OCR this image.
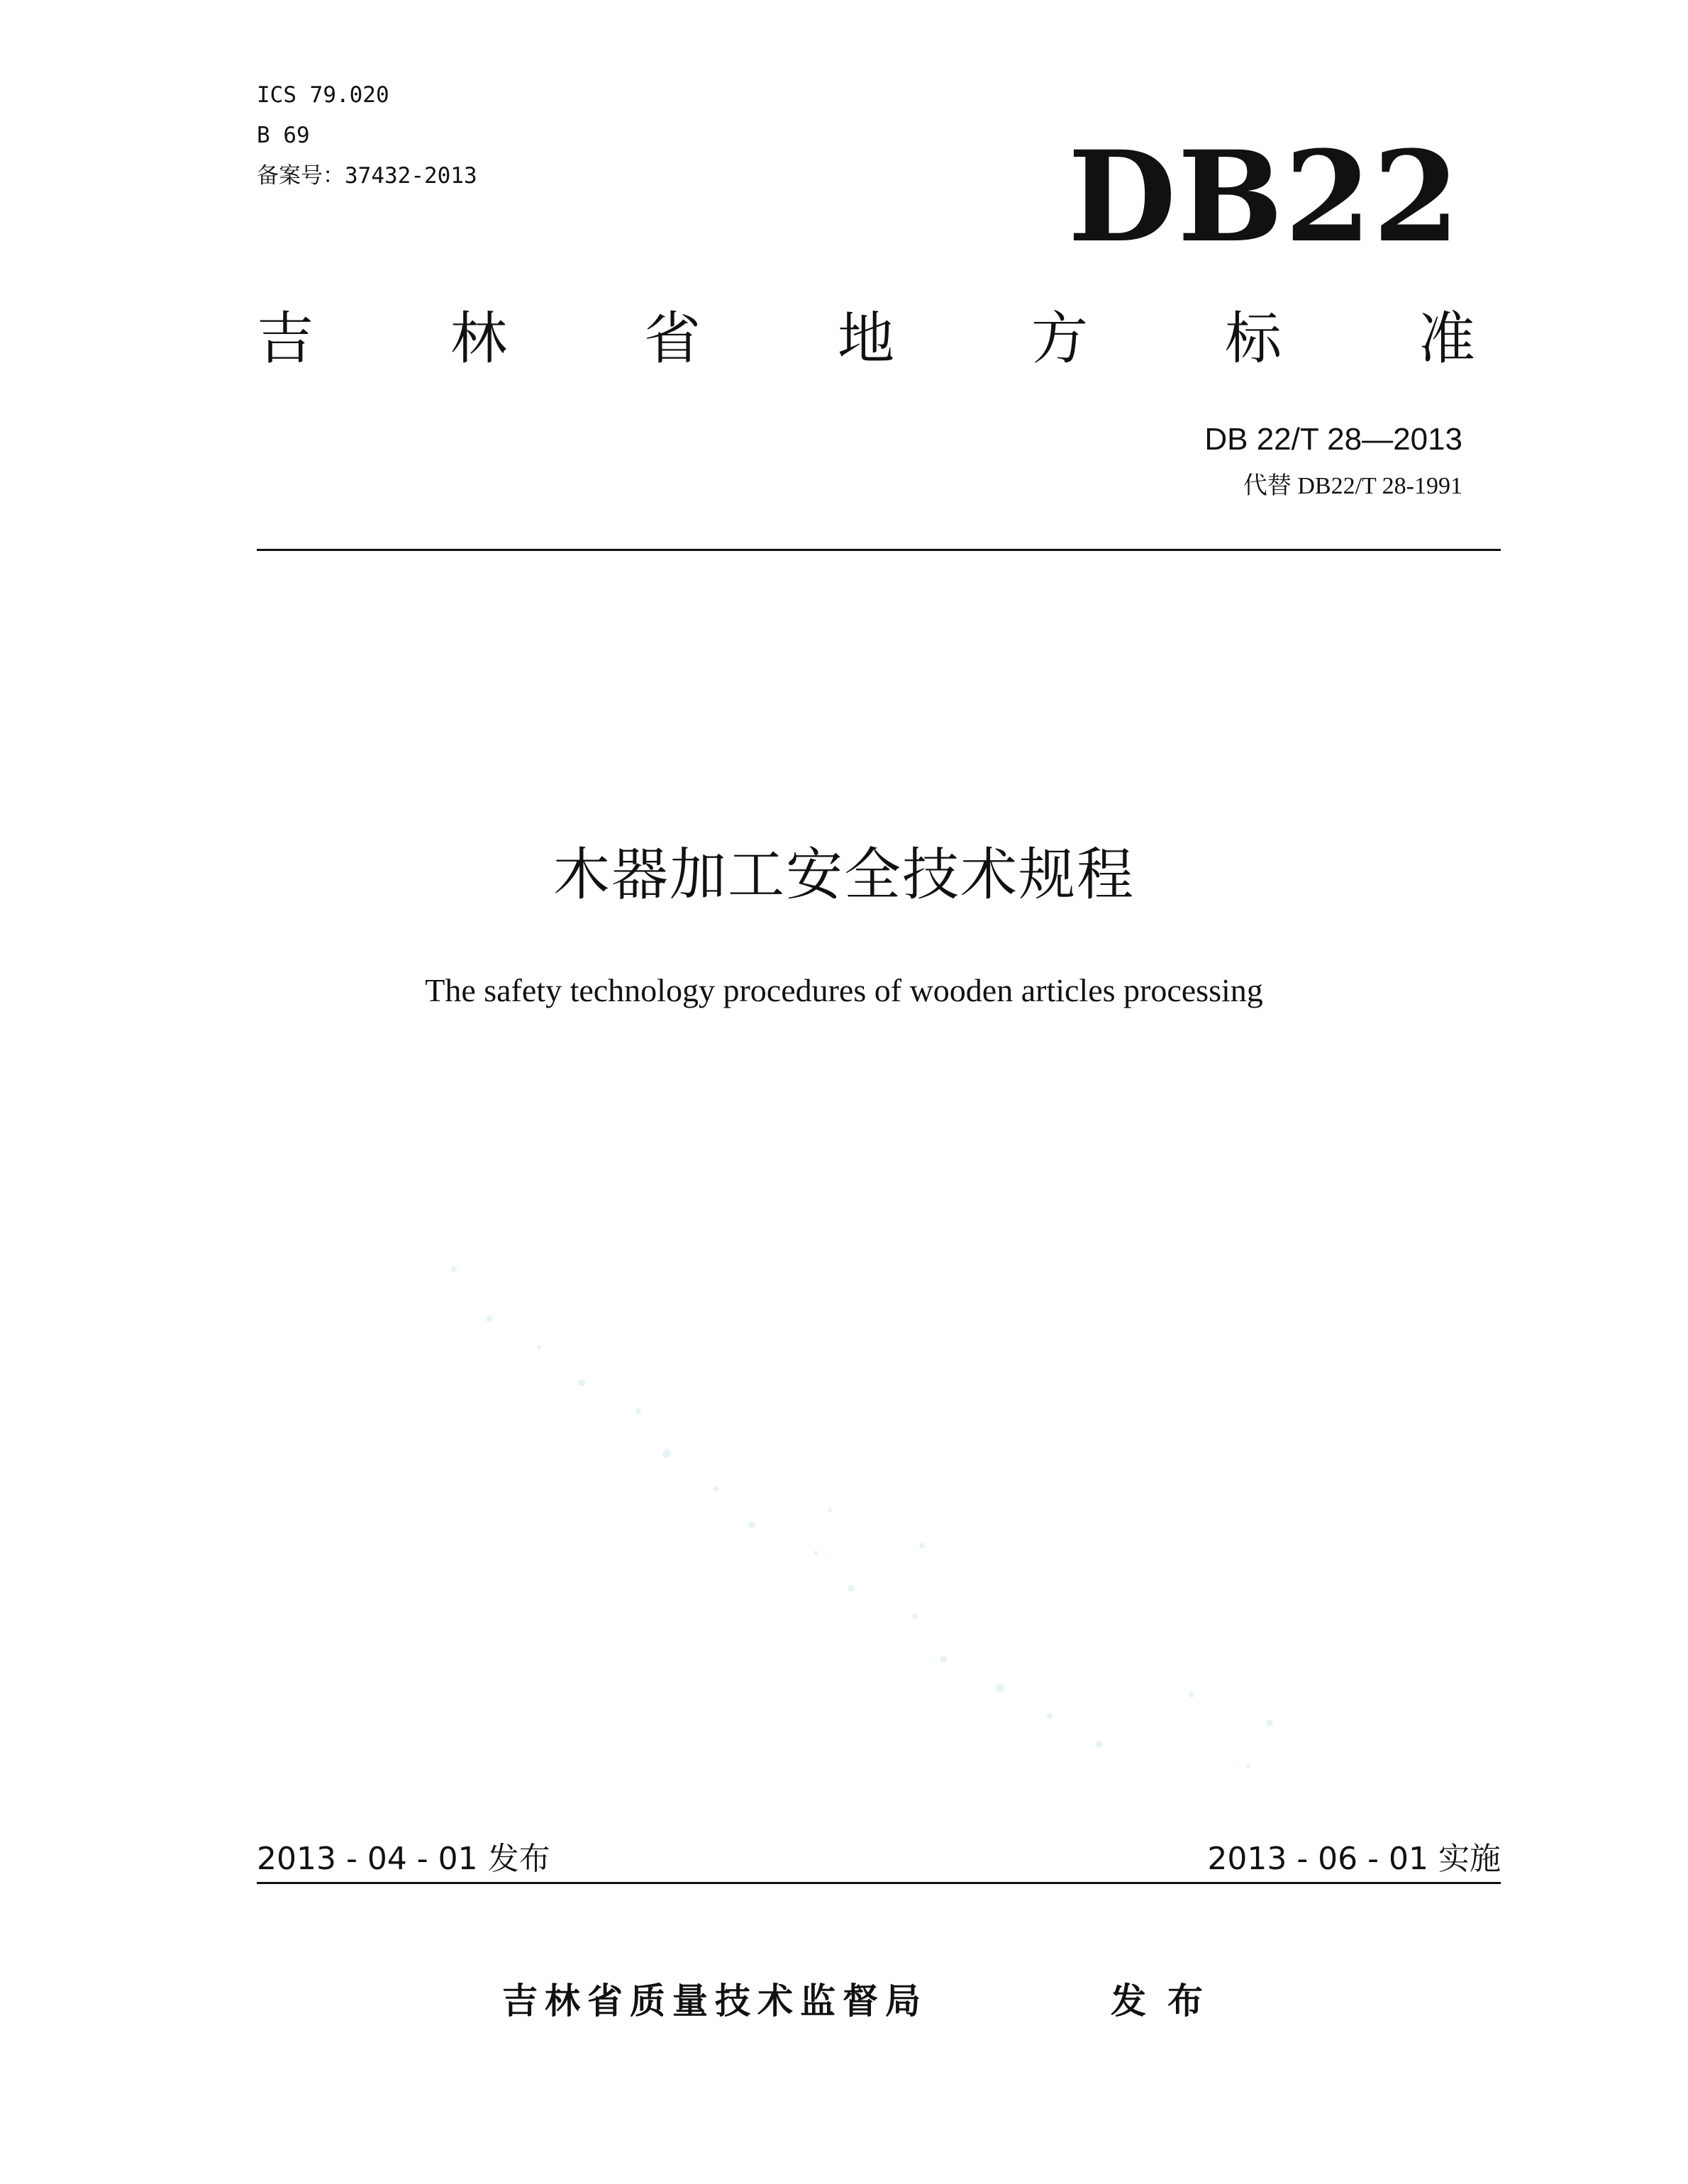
ICS 79.020
B 69
备案号：37432-2013	DB22
吉 林 省 地 方 标 准
DB 22/T 28—2013
代替 DB22/T 28-1991
木器加工安全技术规程
The safety technology procedures of wooden articles processing
2013 - 04 - 01 发布	2013 - 06 - 01 实施
吉林省质量技术监督局	发布
